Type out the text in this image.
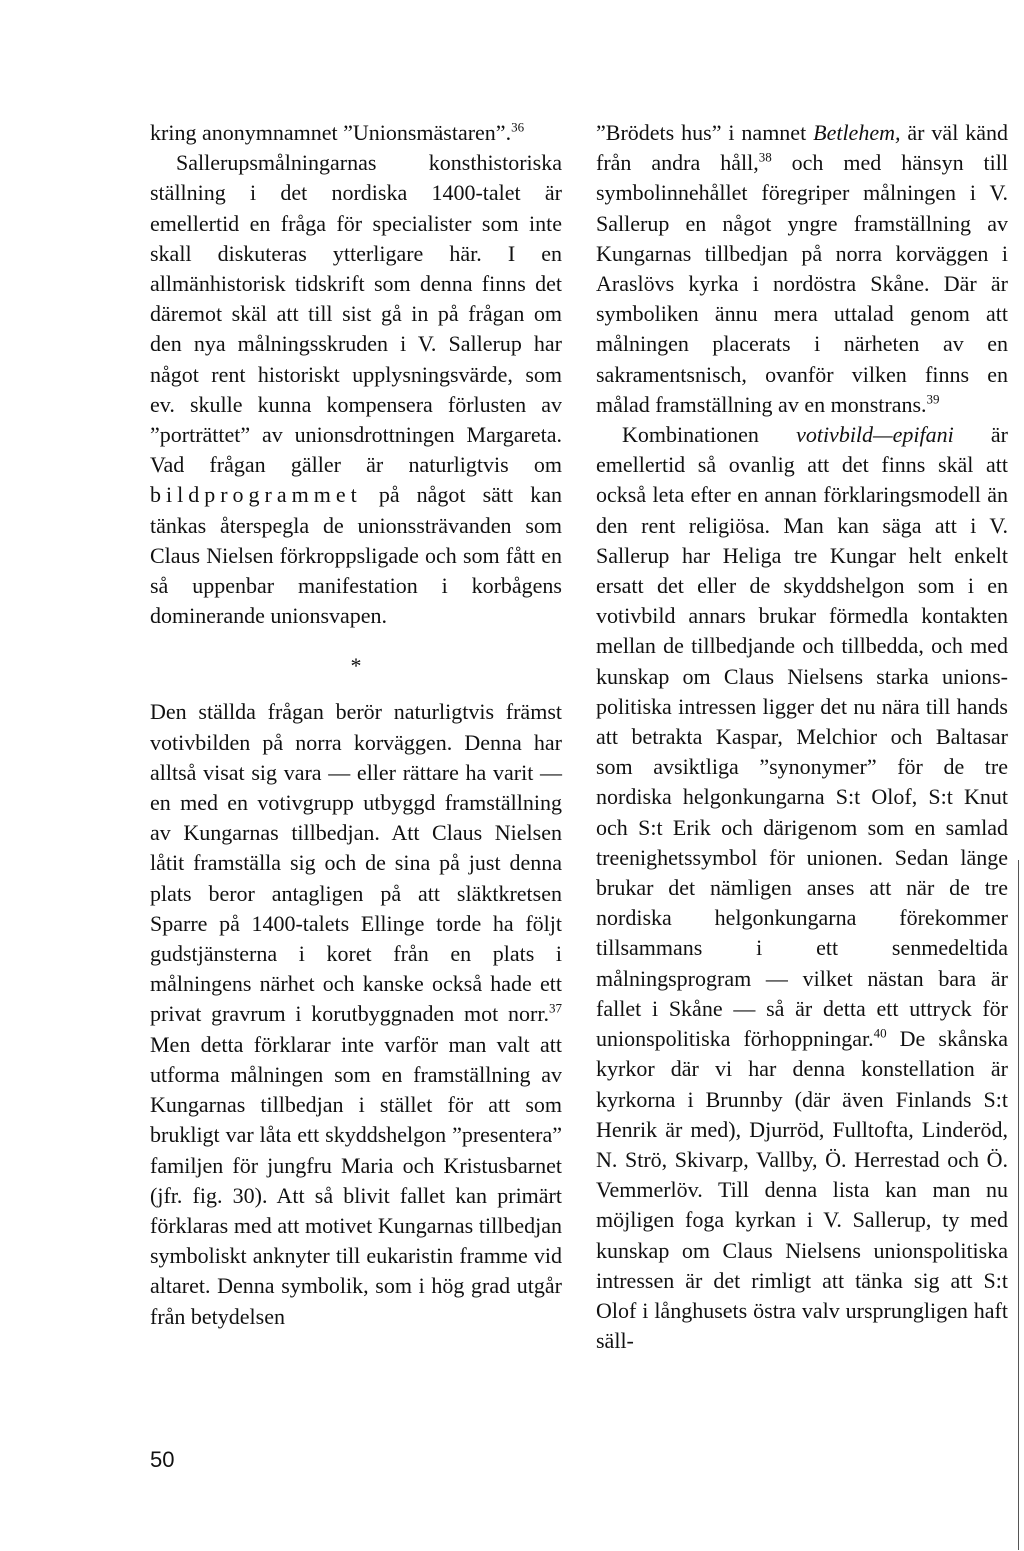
kring anonymnamnet ”Unionsmästaren”.$^{36}$

Sallerupsmålningarnas konsthistoriska ställning i det nordiska 1400-talet är emellertid en fråga för specialister som inte skall diskuteras ytterligare här. I en allmänhistorisk tidskrift som denna finns det däremot skäl att till sist gå in på frågan om den nya målningsskruden i V. Sallerup har något rent historiskt upplysningsvärde, som ev. skulle kunna kompensera förlusten av ”porträttet” av unionsdrottningen Margareta. Vad frågan gäller är naturligtvis om bildprogrammet på något sätt kan tänkas återspegla de unionssträvanden som Claus Nielsen förkroppsligade och som fått en så uppenbar manifestation i korbågens dominerande unionsvapen.

*

Den ställda frågan berör naturligtvis främst votivbilden på norra korväggen. Denna har alltså visat sig vara — eller rättare ha varit — en med en votivgrupp utbyggd framställning av Kungarnas tillbedjan. Att Claus Nielsen låtit framställa sig och de sina på just denna plats beror antagligen på att släktkretsen Sparre på 1400-talets Ellinge torde ha följt gudstjänsterna i koret från en plats i målningens närhet och kanske också hade ett privat gravrum i korutbyggnaden mot norr.$^{37}$ Men detta förklarar inte varför man valt att utforma målningen som en framställning av Kungarnas tillbedjan i stället för att som brukligt var låta ett skyddshelgon ”presentera” familjen för jungfru Maria och Kristusbarnet (jfr. fig. 30). Att så blivit fallet kan primärt förklaras med att motivet Kungarnas tillbedjan symboliskt anknyter till eukaristin framme vid altaret. Denna symbolik, som i hög grad utgår från betydelsen

”Brödets hus” i namnet Betlehem, är väl känd från andra håll,$^{38}$ och med hänsyn till symbolinnehållet föregriper målningen i V. Sallerup en något yngre framställning av Kungarnas tillbedjan på norra korväggen i Araslövs kyrka i nordöstra Skåne. Där är symboliken ännu mera uttalad genom att målningen placerats i närheten av en sakramentsnisch, ovanför vilken finns en målad framställning av en monstrans.$^{39}$

Kombinationen votivbild—epifani är emellertid så ovanlig att det finns skäl att också leta efter en annan förklaringsmodell än den rent religiösa. Man kan säga att i V. Sallerup har Heliga tre Kungar helt enkelt ersatt det eller de skyddshelgon som i en votivbild annars brukar förmedla kontakten mellan de tillbedjande och tillbedda, och med kunskap om Claus Nielsens starka unionspolitiska intressen ligger det nu nära till hands att betrakta Kaspar, Melchior och Baltasar som avsiktliga ”synonymer” för de tre nordiska helgonkungarna S:t Olof, S:t Knut och S:t Erik och därigenom som en samlad treenighetssymbol för unionen. Sedan länge brukar det nämligen anses att när de tre nordiska helgonkungarna förekommer tillsammans i ett senmedeltida målningsprogram — vilket nästan bara är fallet i Skåne — så är detta ett uttryck för unionspolitiska förhoppningar.$^{40}$ De skånska kyrkor där vi har denna konstellation är kyrkorna i Brunnby (där även Finlands S:t Henrik är med), Djurröd, Fulltofta, Linderöd, N. Strö, Skivarp, Vallby, Ö. Herrestad och Ö. Vemmerlöv. Till denna lista kan man nu möjligen foga kyrkan i V. Sallerup, ty med kunskap om Claus Nielsens unionspolitiska intressen är det rimligt att tänka sig att S:t Olof i långhusets östra valv ursprungligen haft säll-

50
